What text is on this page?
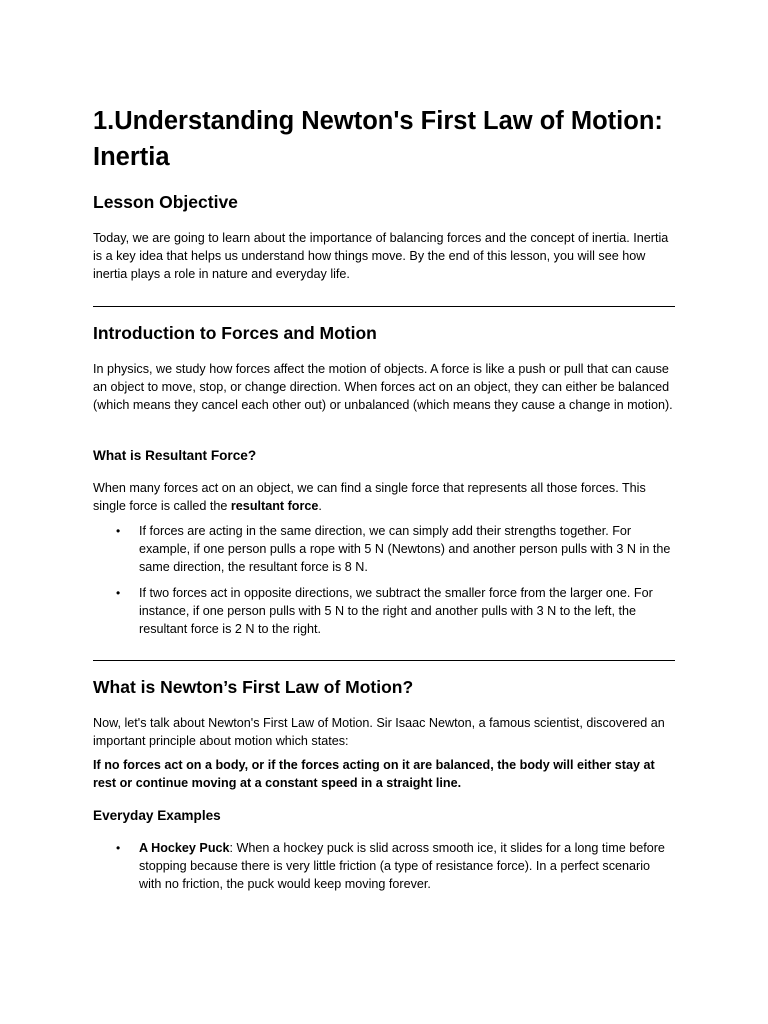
1.Understanding Newton's First Law of Motion: Inertia
Lesson Objective

Today, we are going to learn about the importance of balancing forces and the concept of inertia. Inertia is a key idea that helps us understand how things move. By the end of this lesson, you will see how inertia plays a role in nature and everyday life.

Introduction to Forces and Motion

In physics, we study how forces affect the motion of objects. A force is like a push or pull that can cause an object to move, stop, or change direction. When forces act on an object, they can either be balanced (which means they cancel each other out) or unbalanced (which means they cause a change in motion).

What is Resultant Force?

When many forces act on an object, we can find a single force that represents all those forces. This single force is called the resultant force.

• If forces are acting in the same direction, we can simply add their strengths together. For example, if one person pulls a rope with 5 N (Newtons) and another person pulls with 3 N in the same direction, the resultant force is 8 N.
• If two forces act in opposite directions, we subtract the smaller force from the larger one. For instance, if one person pulls with 5 N to the right and another pulls with 3 N to the left, the resultant force is 2 N to the right.
What is Newton’s First Law of Motion?

Now, let's talk about Newton's First Law of Motion. Sir Isaac Newton, a famous scientist, discovered an important principle about motion which states:

If no forces act on a body, or if the forces acting on it are balanced, the body will either stay at rest or continue moving at a constant speed in a straight line.

Everyday Examples
• A Hockey Puck: When a hockey puck is slid across smooth ice, it slides for a long time before stopping because there is very little friction (a type of resistance force). In a perfect scenario with no friction, the puck would keep moving forever.
